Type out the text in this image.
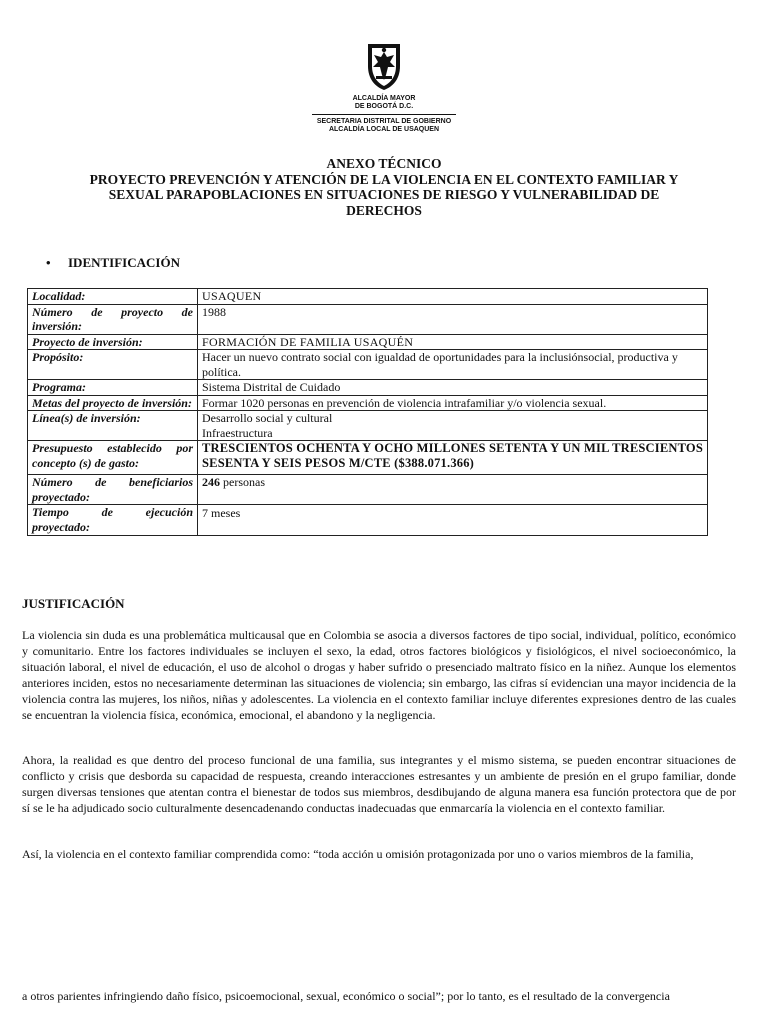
ALCALDÍA MAYOR
DE BOGOTÁ D.C.
SECRETARIA DISTRITAL DE GOBIERNO
ALCALDÍA LOCAL DE USAQUEN
ANEXO TÉCNICO
PROYECTO PREVENCIÓN Y ATENCIÓN DE LA VIOLENCIA EN EL CONTEXTO FAMILIAR Y
SEXUAL PARAPOBLACIONES EN SITUACIONES DE RIESGO Y VULNERABILIDAD DE
DERECHOS
• IDENTIFICACIÓN
Localidad:	USAQUEN
Número de proyecto de inversión:	1988
Proyecto de inversión:	FORMACIÓN DE FAMILIA USAQUÉN
Propósito:	Hacer un nuevo contrato social con igualdad de oportunidades para la inclusiónsocial, productiva y política.
Programa:	Sistema Distrital de Cuidado
Metas del proyecto de inversión:	Formar 1020 personas en prevención de violencia intrafamiliar y/o violencia sexual.
Línea(s) de inversión:	Desarrollo social y cultural
Infraestructura

Presupuesto establecido por concepto (s) de gasto:	TRESCIENTOS OCHENTA Y OCHO MILLONES SETENTA Y UN MIL TRESCIENTOS SESENTA Y SEIS PESOS M/CTE ($388.071.366)
Número de beneficiarios proyectado:	246 personas
Tiempo de ejecución proyectado:	7 meses
JUSTIFICACIÓN

La violencia sin duda es una problemática multicausal que en Colombia se asocia a diversos factores de tipo social, individual, político, económico y comunitario. Entre los factores individuales se incluyen el sexo, la edad, otros factores biológicos y fisiológicos, el nivel socioeconómico, la situación laboral, el nivel de educación, el uso de alcohol o drogas y haber sufrido o presenciado maltrato físico en la niñez. Aunque los elementos anteriores inciden, estos no necesariamente determinan las situaciones de violencia; sin embargo, las cifras sí evidencian una mayor incidencia de la violencia contra las mujeres, los niños, niñas y adolescentes. La violencia en el contexto familiar incluye diferentes expresiones dentro de las cuales se encuentran la violencia física, económica, emocional, el abandono y la negligencia.

Ahora, la realidad es que dentro del proceso funcional de una familia, sus integrantes y el mismo sistema, se pueden encontrar situaciones de conflicto y crisis que desborda su capacidad de respuesta, creando interacciones estresantes y un ambiente de presión en el grupo familiar, donde surgen diversas tensiones que atentan contra el bienestar de todos sus miembros, desdibujando de alguna manera esa función protectora que de por sí se le ha adjudicado socio culturalmente desencadenando conductas inadecuadas que enmarcaría la violencia en el contexto familiar.

Así, la violencia en el contexto familiar comprendida como: “toda acción u omisión protagonizada por uno o varios miembros de la familia,

a otros parientes infringiendo daño físico, psicoemocional, sexual, económico o social”; por lo tanto, es el resultado de la convergencia
